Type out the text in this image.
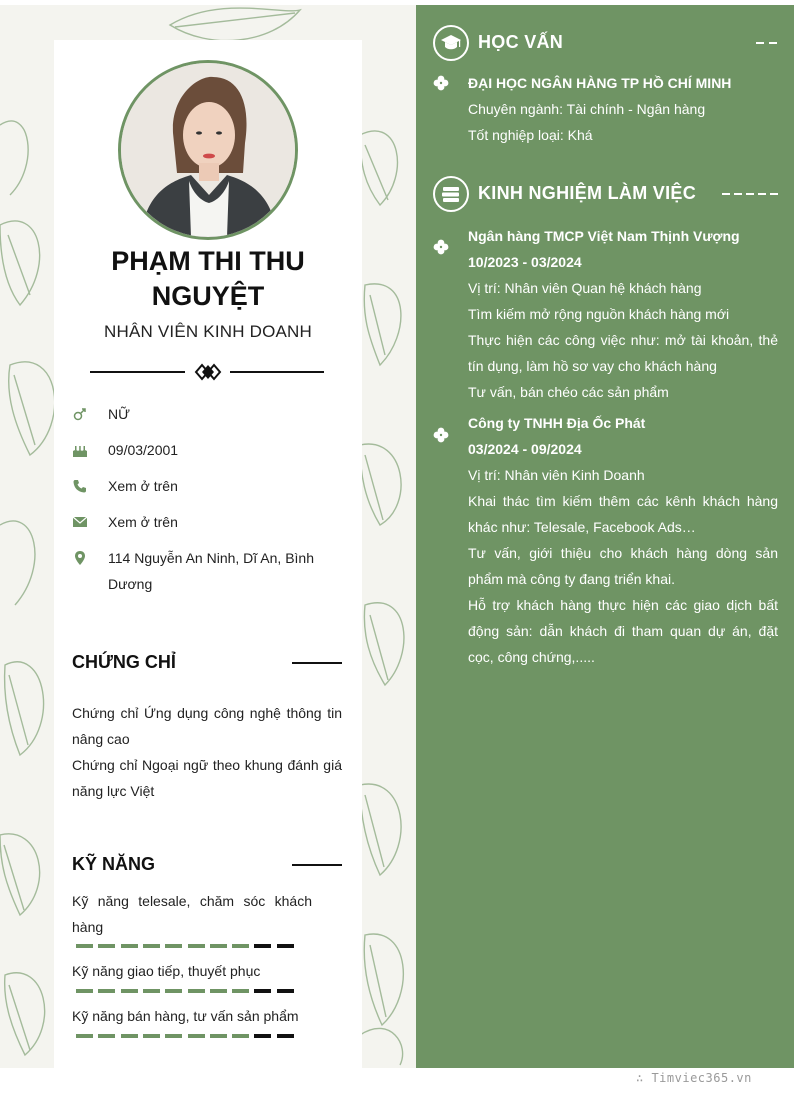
PHẠM THI THU NGUYỆT
NHÂN VIÊN KINH DOANH
NỮ
09/03/2001
Xem ở trên
Xem ở trên
114 Nguyễn An Ninh, Dĩ An, Bình Dương
CHỨNG CHỈ
Chứng chỉ Ứng dụng công nghệ thông tin nâng cao
Chứng chỉ Ngoại ngữ theo khung đánh giá năng lực Việt
KỸ NĂNG
Kỹ năng telesale, chăm sóc khách hàng
Kỹ năng giao tiếp, thuyết phục
Kỹ năng bán hàng, tư vấn sản phẩm
HỌC VẤN
ĐẠI HỌC NGÂN HÀNG TP HỒ CHÍ MINH
Chuyên ngành: Tài chính - Ngân hàng
Tốt nghiệp loại: Khá
KINH NGHIỆM LÀM VIỆC
Ngân hàng TMCP Việt Nam Thịnh Vượng
10/2023 - 03/2024
Vị trí: Nhân viên Quan hệ khách hàng
Tìm kiếm mở rộng nguồn khách hàng mới
Thực hiện các công việc như: mở tài khoản, thẻ tín dụng, làm hồ sơ vay cho khách hàng
Tư vấn, bán chéo các sản phẩm
Công ty TNHH Địa Ốc Phát
03/2024 - 09/2024
Vị trí: Nhân viên Kinh Doanh
Khai thác tìm kiếm thêm các kênh khách hàng khác như: Telesale, Facebook Ads…
Tư vấn, giới thiệu cho khách hàng dòng sản phẩm mà công ty đang triển khai.
Hỗ trợ khách hàng thực hiện các giao dịch bất động sản: dẫn khách đi tham quan dự án, đặt cọc, công chứng,.....
∴ Timviec365.vn
